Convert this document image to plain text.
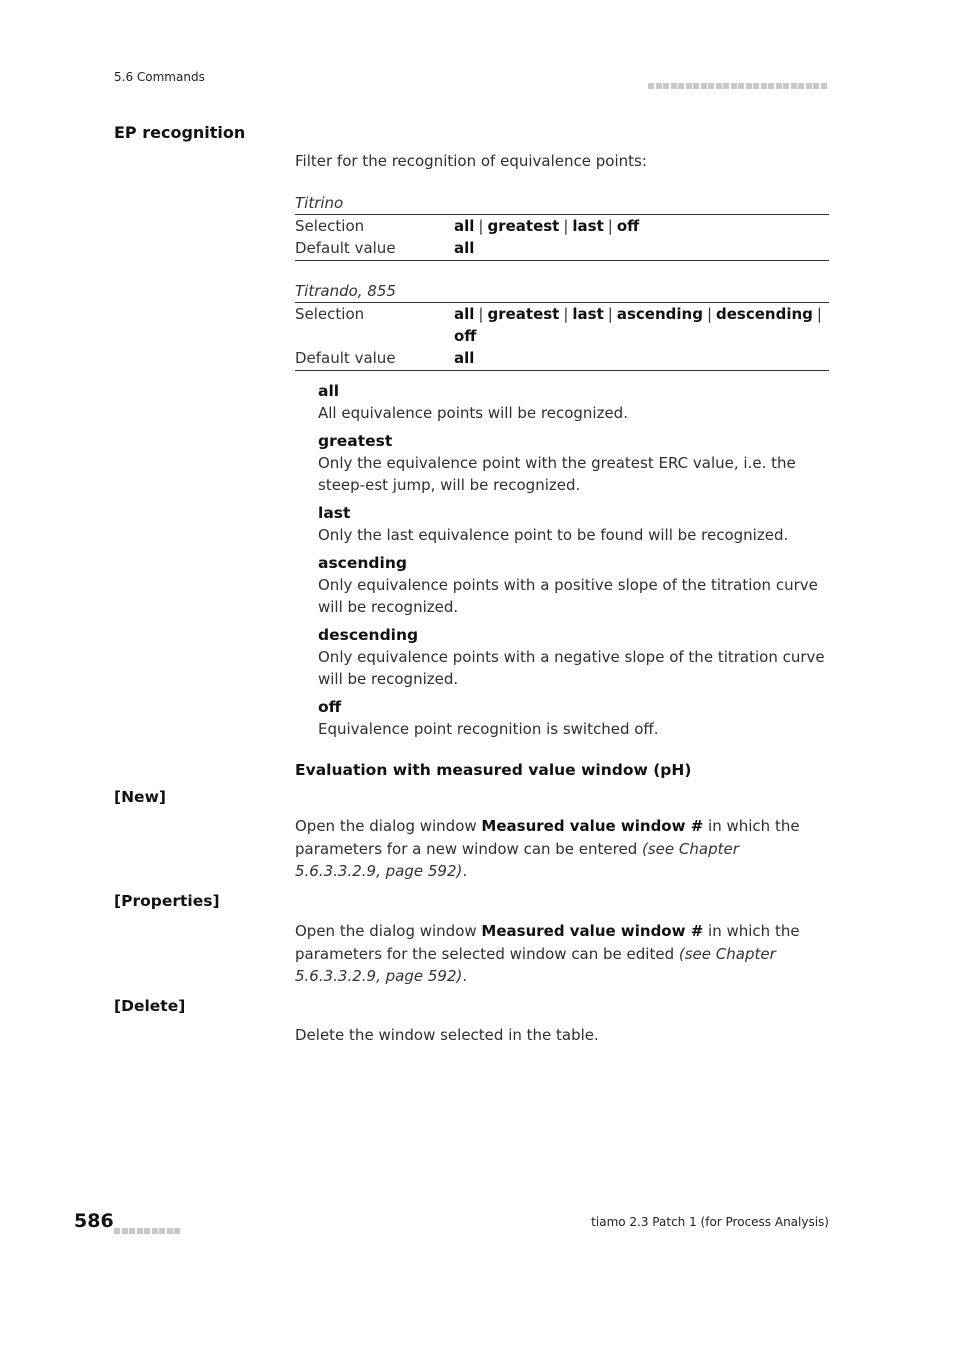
5.6 Commands
EP recognition
Filter for the recognition of equivalence points:
Titrino
Selection	all | greatest | last | off
Default value	all
Titrando, 855
Selection	all | greatest | last | ascending | descending |
off
Default value	all
all
All equivalence points will be recognized.
greatest
Only the equivalence point with the greatest ERC value, i.e. the steep-est jump, will be recognized.
last
Only the last equivalence point to be found will be recognized.
ascending
Only equivalence points with a positive slope of the titration curve will be recognized.
descending
Only equivalence points with a negative slope of the titration curve will be recognized.
off
Equivalence point recognition is switched off.
Evaluation with measured value window (pH)
[New]
Open the dialog window Measured value window # in which the parameters for a new window can be entered (see Chapter 5.6.3.3.2.9, page 592).
[Properties]
Open the dialog window Measured value window # in which the parameters for the selected window can be edited (see Chapter 5.6.3.3.2.9, page 592).
[Delete]
Delete the window selected in the table.
586	tiamo 2.3 Patch 1 (for Process Analysis)
